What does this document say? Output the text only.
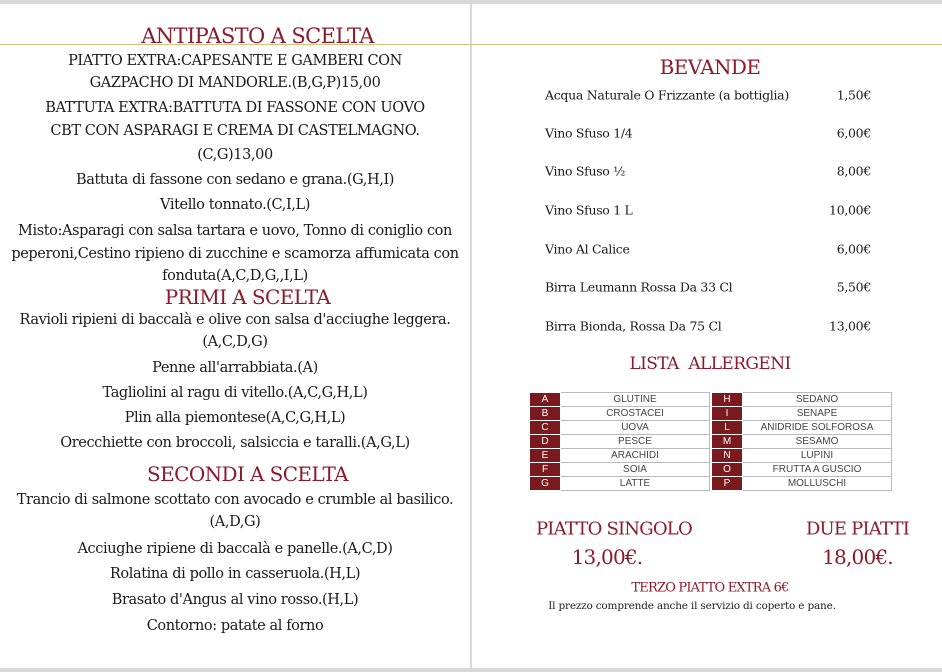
ANTIPASTO A SCELTA
PRIMI A SCELTA
SECONDI A SCELTA
BEVANDE
LISTA  ALLERGENI
A	GLUTINE
B	CROSTACEI
C	UOVA
D	PESCE
E	ARACHIDI
F	SOIA
G	LATTE
H	SEDANO
I	SENAPE
L	ANIDRIDE SOLFOROSA
M	SESAMO
N	LUPINI
O	FRUTTA A GUSCIO
P	MOLLUSCHI
PIATTO SINGOLO
13,00€.
DUE PIATTI
18,00€.
TERZO PIATTO EXTRA 6€
Il prezzo comprende anche il servizio di coperto e pane.
PIATTO EXTRA:CAPESANTE E GAMBERI CON
GAZPACHO DI MANDORLE.(B,G,P)15,00
BATTUTA EXTRA:BATTUTA DI FASSONE CON UOVO
CBT CON ASPARAGI E CREMA DI CASTELMAGNO.
(C,G)13,00
Battuta di fassone con sedano e grana.(G,H,I)
Vitello tonnato.(C,I,L)
Misto:Asparagi con salsa tartara e uovo, Tonno di coniglio con
peperoni,Cestino ripieno di zucchine e scamorza affumicata con
fonduta(A,C,D,G,,I,L)
Ravioli ripieni di baccalà e olive con salsa d'acciughe leggera.
(A,C,D,G)
Penne all'arrabbiata.(A)
Tagliolini al ragu di vitello.(A,C,G,H,L)
Plin alla piemontese(A,C,G,H,L)
Orecchiette con broccoli, salsiccia e taralli.(A,G,L)
Trancio di salmone scottato con avocado e crumble al basilico.
(A,D,G)
Acciughe ripiene di baccalà e panelle.(A,C,D)
Rolatina di pollo in casseruola.(H,L)
Brasato d'Angus al vino rosso.(H,L)
Contorno: patate al forno
Acqua Naturale O Frizzante (a bottiglia)	1,50€
Vino Sfuso 1/4	6,00€
Vino Sfuso ½	8,00€
Vino Sfuso 1 L	10,00€
Vino Al Calice	6,00€
Birra Leumann Rossa Da 33 Cl	5,50€
Birra Bionda, Rossa Da 75 Cl	13,00€
